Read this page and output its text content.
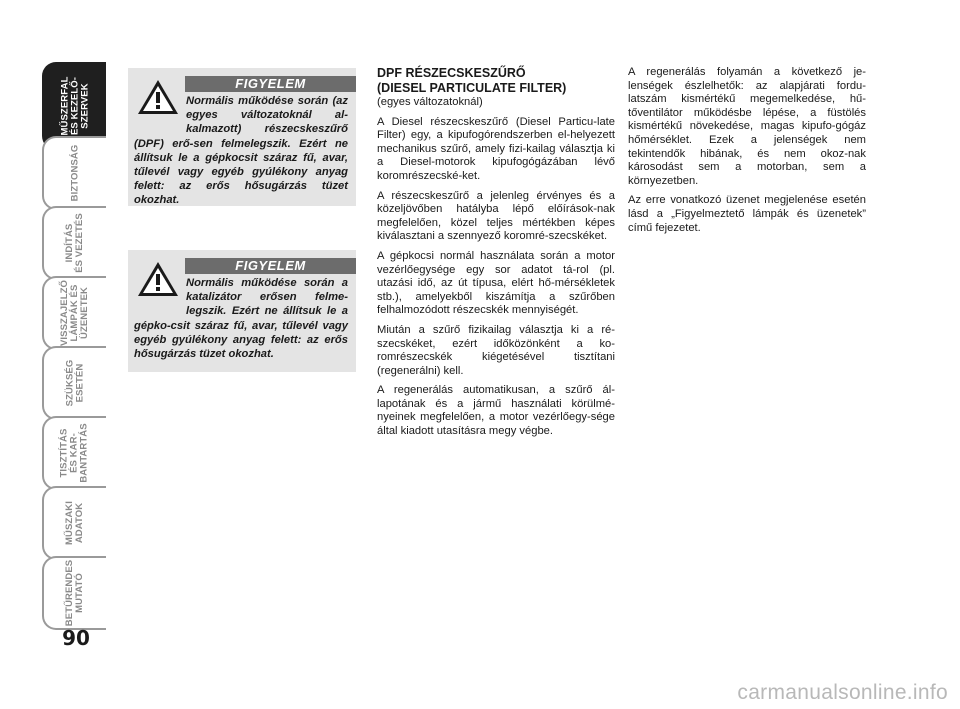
MŰSZERFAL
ÉS KEZELŐ-
SZERVEK
BIZTONSÁG
INDÍTÁS
ÉS VEZETÉS
VISSZAJELZŐ
LÁMPÁK ÉS
ÜZENETEK
SZÜKSÉG
ESETÉN
TISZTÍTÁS
ÉS KAR-
BANTARTÁS
MŰSZAKI
ADATOK
BETŰRENDES
MUTATÓ
90
Normális működése során (az egyes változatoknál al-kalmazott) részecskeszűrő (DPF) erő-sen felmelegszik. Ezért ne állítsuk le a gépkocsit száraz fű, avar, tűlevél vagy egyéb gyúlékony anyag felett: az erős hősugárzás tüzet okozhat.
FIGYELEM
Normális működése során a katalizátor erősen felme-legszik. Ezért ne állítsuk le a gépko-csit száraz fű, avar, tűlevél vagy egyéb gyúlékony anyag felett: az erős hősugárzás tüzet okozhat.
FIGYELEM
DPF RÉSZECSKESZŰRŐ
(DIESEL PARTICULATE FILTER)

(egyes változatoknál)

A Diesel részecskeszűrő (Diesel Particu-late Filter) egy, a kipufogórendszerben el-helyezett mechanikus szűrő, amely fizi-kailag választja ki a Diesel-motorok kipufogógázában lévő koromrészecské-ket.

A részecskeszűrő a jelenleg érvényes és a közeljövőben hatályba lépő előírások-nak megfelelően, közel teljes mértékben képes kiválasztani a szennyező koromré-szecskéket.

A gépkocsi normál használata során a motor vezérlőegysége egy sor adatot tá-rol (pl. utazási idő, az út típusa, elért hő-mérsékletek stb.), amelyekből kiszámítja a szűrőben felhalmozódott részecskék mennyiségét.

Miután a szűrő fizikailag választja ki a ré-szecskéket, ezért időközönként a ko-romrészecskék kiégetésével tisztítani (regenerálni) kell.

A regenerálás automatikusan, a szűrő ál-lapotának és a jármű használati körülmé-nyeinek megfelelően, a motor vezérlőegy-sége által kiadott utasításra megy végbe.

A regenerálás folyamán a következő je-lenségek észlelhetők: az alapjárati fordu-latszám kismértékű megemelkedése, hű-tőventilátor működésbe lépése, a füstölés kismértékű növekedése, magas kipufo-gógáz hőmérséklet. Ezek a jelenségek nem tekintendők hibának, és nem okoz-nak károsodást sem a motorban, sem a környezetben.

Az erre vonatkozó üzenet megjelenése esetén lásd a „Figyelmeztető lámpák és üzenetek” című fejezetet.

carmanualsonline.info
